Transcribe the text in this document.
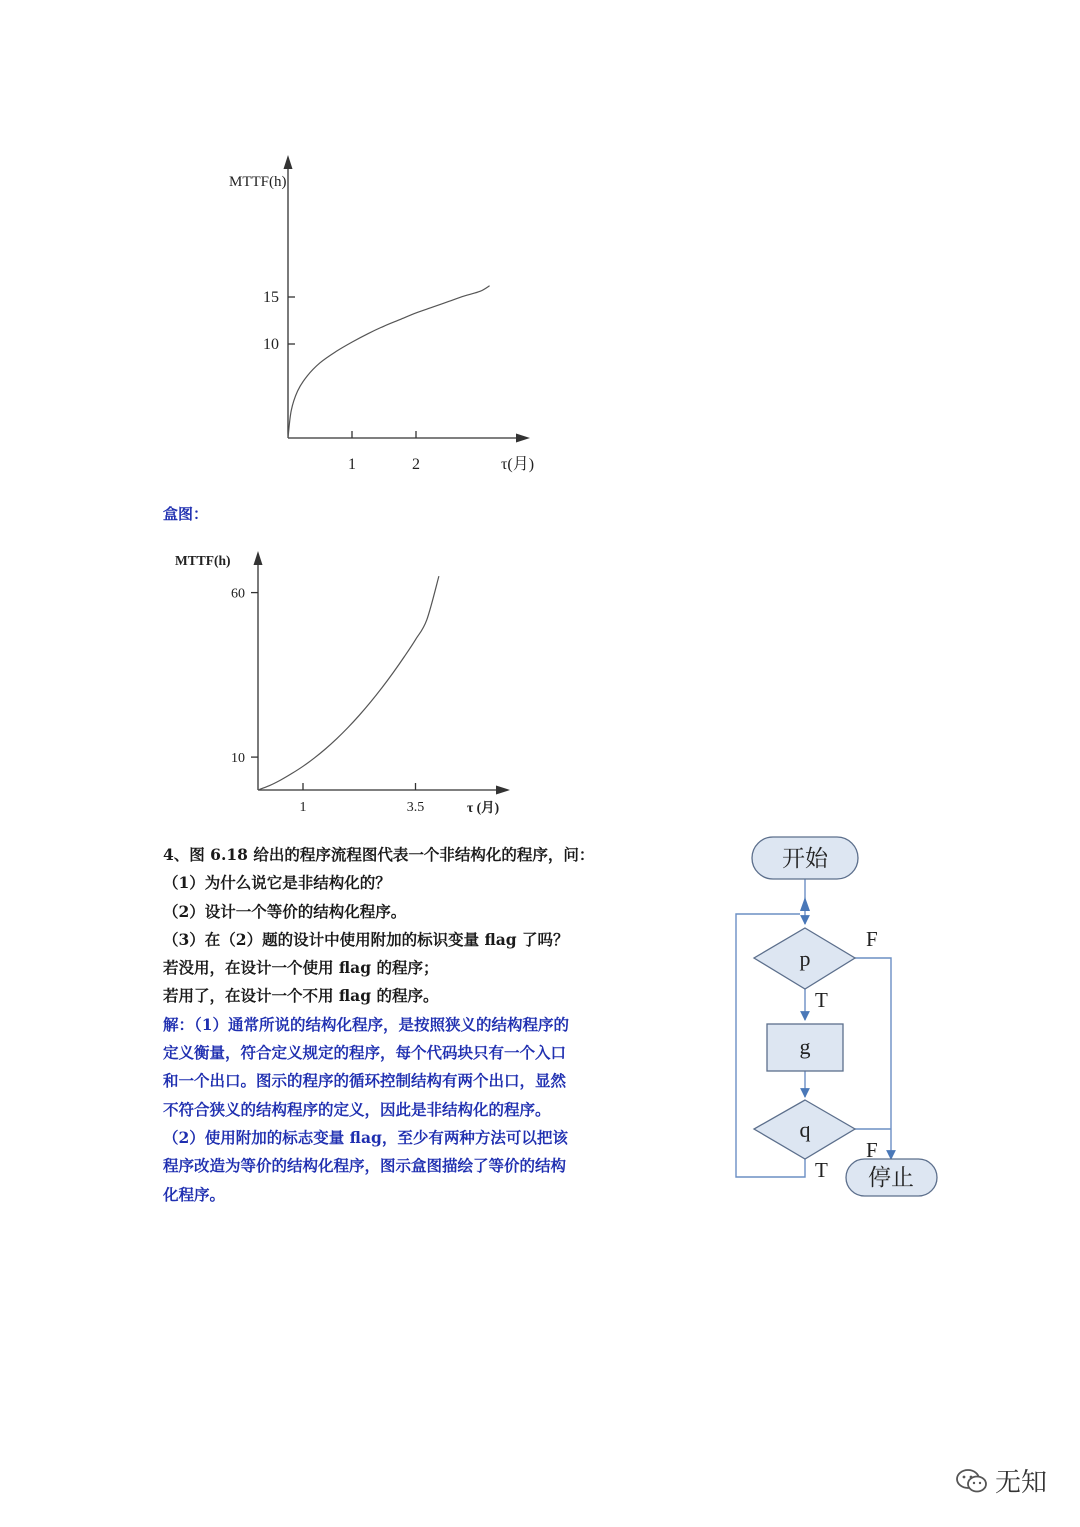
MTTF(h)
τ(月)
1	2
10
15
盒图：
MTTF(h)
τ (月)
1	3.5
10
60
4、图 6.18 给出的程序流程图代表一个非结构化的程序，问：
（1）为什么说它是非结构化的？
（2）设计一个等价的结构化程序。
（3）在（2）题的设计中使用附加的标识变量 flag 了吗？
若没用，在设计一个使用 flag 的程序；
若用了，在设计一个不用 flag 的程序。
解：（1）通常所说的结构化程序，是按照狭义的结构程序的
定义衡量，符合定义规定的程序，每个代码块只有一个入口
和一个出口。图示的程序的循环控制结构有两个出口，显然
不符合狭义的结构程序的定义，因此是非结构化的程序。
（2）使用附加的标志变量 flag，至少有两种方法可以把该
程序改造为等价的结构化程序，图示盒图描绘了等价的结构
化程序。
开始
p
g
q
停止
F
T
F
T
无知
